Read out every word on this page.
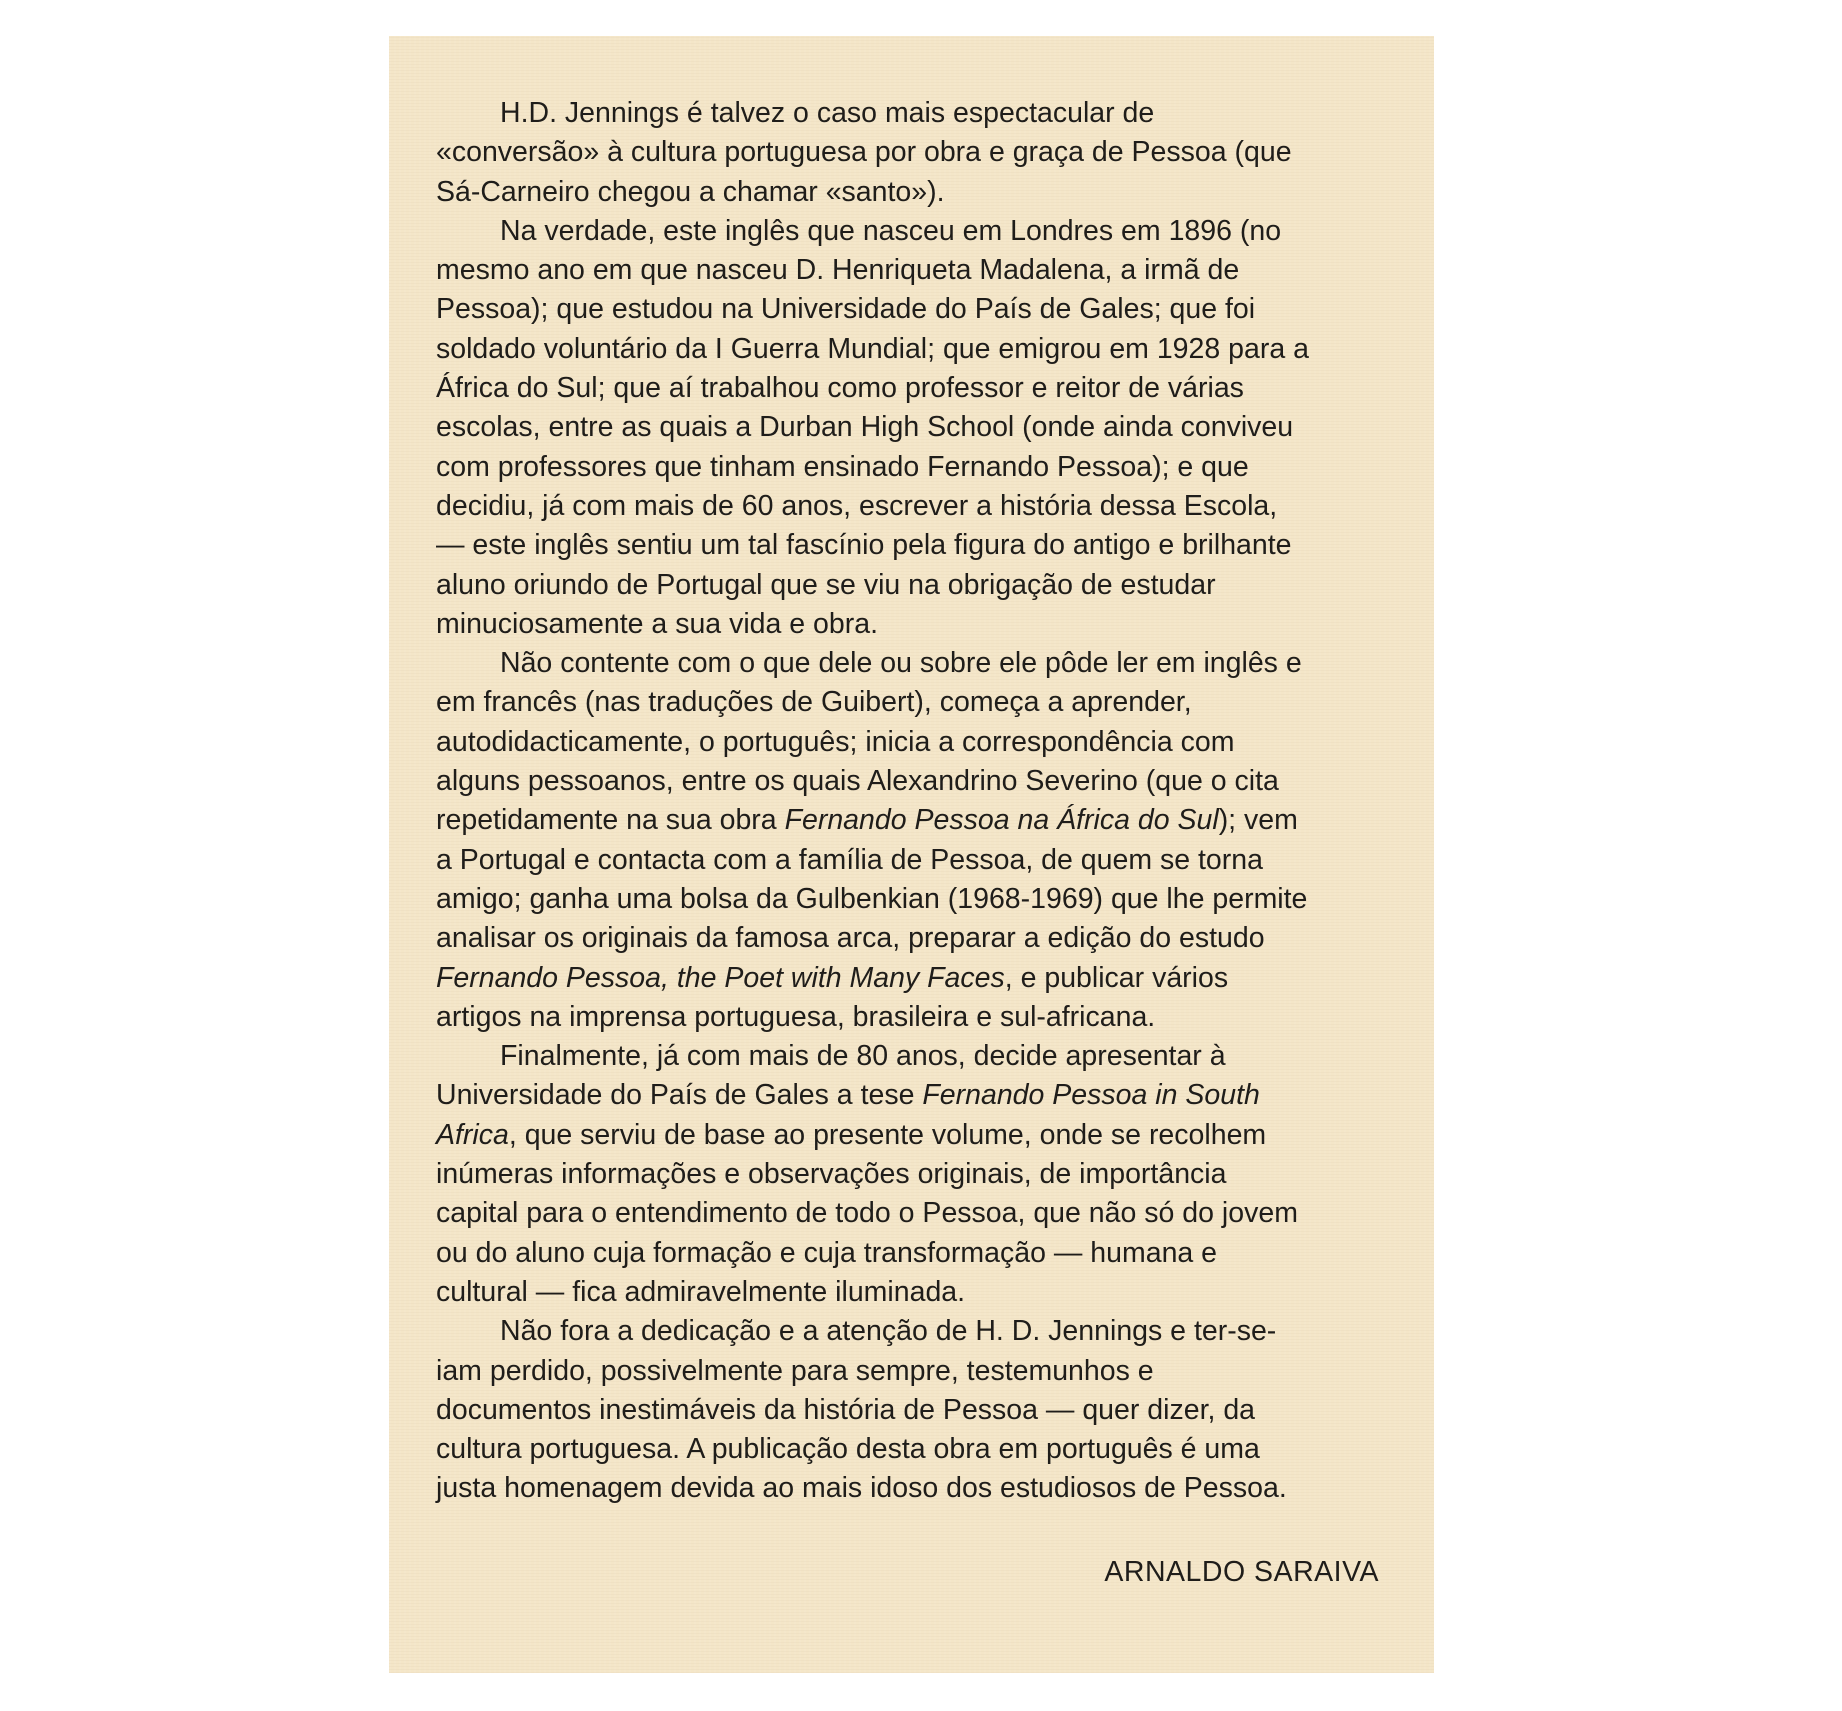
H.D. Jennings é talvez o caso mais espectacular de
«conversão» à cultura portuguesa por obra e graça de Pessoa (que
Sá-Carneiro chegou a chamar «santo»).
Na verdade, este inglês que nasceu em Londres em 1896 (no
mesmo ano em que nasceu D. Henriqueta Madalena, a irmã de
Pessoa); que estudou na Universidade do País de Gales; que foi
soldado voluntário da I Guerra Mundial; que emigrou em 1928 para a
África do Sul; que aí trabalhou como professor e reitor de várias
escolas, entre as quais a Durban High School (onde ainda conviveu
com professores que tinham ensinado Fernando Pessoa); e que
decidiu, já com mais de 60 anos, escrever a história dessa Escola,
— este inglês sentiu um tal fascínio pela figura do antigo e brilhante
aluno oriundo de Portugal que se viu na obrigação de estudar
minuciosamente a sua vida e obra.
Não contente com o que dele ou sobre ele pôde ler em inglês e
em francês (nas traduções de Guibert), começa a aprender,
autodidacticamente, o português; inicia a correspondência com
alguns pessoanos, entre os quais Alexandrino Severino (que o cita
repetidamente na sua obra Fernando Pessoa na África do Sul); vem
a Portugal e contacta com a família de Pessoa, de quem se torna
amigo; ganha uma bolsa da Gulbenkian (1968-1969) que lhe permite
analisar os originais da famosa arca, preparar a edição do estudo
Fernando Pessoa, the Poet with Many Faces, e publicar vários
artigos na imprensa portuguesa, brasileira e sul-africana.
Finalmente, já com mais de 80 anos, decide apresentar à
Universidade do País de Gales a tese Fernando Pessoa in South
Africa, que serviu de base ao presente volume, onde se recolhem
inúmeras informações e observações originais, de importância
capital para o entendimento de todo o Pessoa, que não só do jovem
ou do aluno cuja formação e cuja transformação — humana e
cultural — fica admiravelmente iluminada.
Não fora a dedicação e a atenção de H. D. Jennings e ter-se-
iam perdido, possivelmente para sempre, testemunhos e
documentos inestimáveis da história de Pessoa — quer dizer, da
cultura portuguesa. A publicação desta obra em português é uma
justa homenagem devida ao mais idoso dos estudiosos de Pessoa.
ARNALDO SARAIVA
